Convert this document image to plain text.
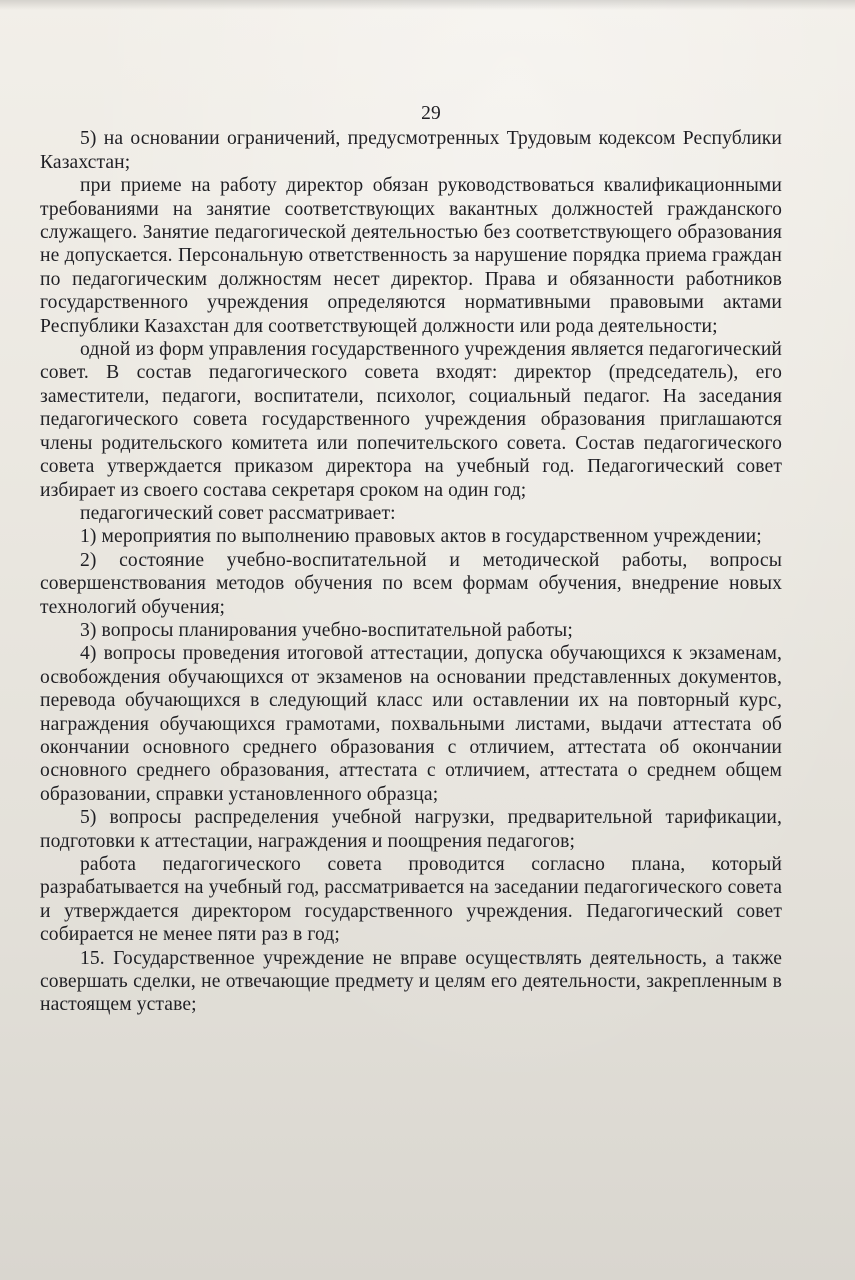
29

5) на основании ограничений, предусмотренных Трудовым кодексом Республики Казахстан;

при приеме на работу директор обязан руководствоваться квалификационными требованиями на занятие соответствующих вакантных должностей гражданского служащего. Занятие педагогической деятельностью без соответствующего образования не допускается. Персональную ответственность за нарушение порядка приема граждан по педагогическим должностям несет директор. Права и обязанности работников государственного учреждения определяются нормативными правовыми актами Республики Казахстан для соответствующей должности или рода деятельности;

одной из форм управления государственного учреждения является педагогический совет. В состав педагогического совета входят: директор (председатель), его заместители, педагоги, воспитатели, психолог, социальный педагог. На заседания педагогического совета государственного учреждения образования приглашаются члены родительского комитета или попечительского совета. Состав педагогического совета утверждается приказом директора на учебный год. Педагогический совет избирает из своего состава секретаря сроком на один год;

педагогический совет рассматривает:

1) мероприятия по выполнению правовых актов в государственном учреждении;

2) состояние учебно-воспитательной и методической работы, вопросы совершенствования методов обучения по всем формам обучения, внедрение новых технологий обучения;

3) вопросы планирования учебно-воспитательной работы;

4) вопросы проведения итоговой аттестации, допуска обучающихся к экзаменам, освобождения обучающихся от экзаменов на основании представленных документов, перевода обучающихся в следующий класс или оставлении их на повторный курс, награждения обучающихся грамотами, похвальными листами, выдачи аттестата об окончании основного среднего образования с отличием, аттестата об окончании основного среднего образования, аттестата с отличием, аттестата о среднем общем образовании, справки установленного образца;

5) вопросы распределения учебной нагрузки, предварительной тарификации, подготовки к аттестации, награждения и поощрения педагогов;

работа педагогического совета проводится согласно плана, который разрабатывается на учебный год, рассматривается на заседании педагогического совета и утверждается директором государственного учреждения. Педагогический совет собирается не менее пяти раз в год;

15. Государственное учреждение не вправе осуществлять деятельность, а также совершать сделки, не отвечающие предмету и целям его деятельности, закрепленным в настоящем уставе;
